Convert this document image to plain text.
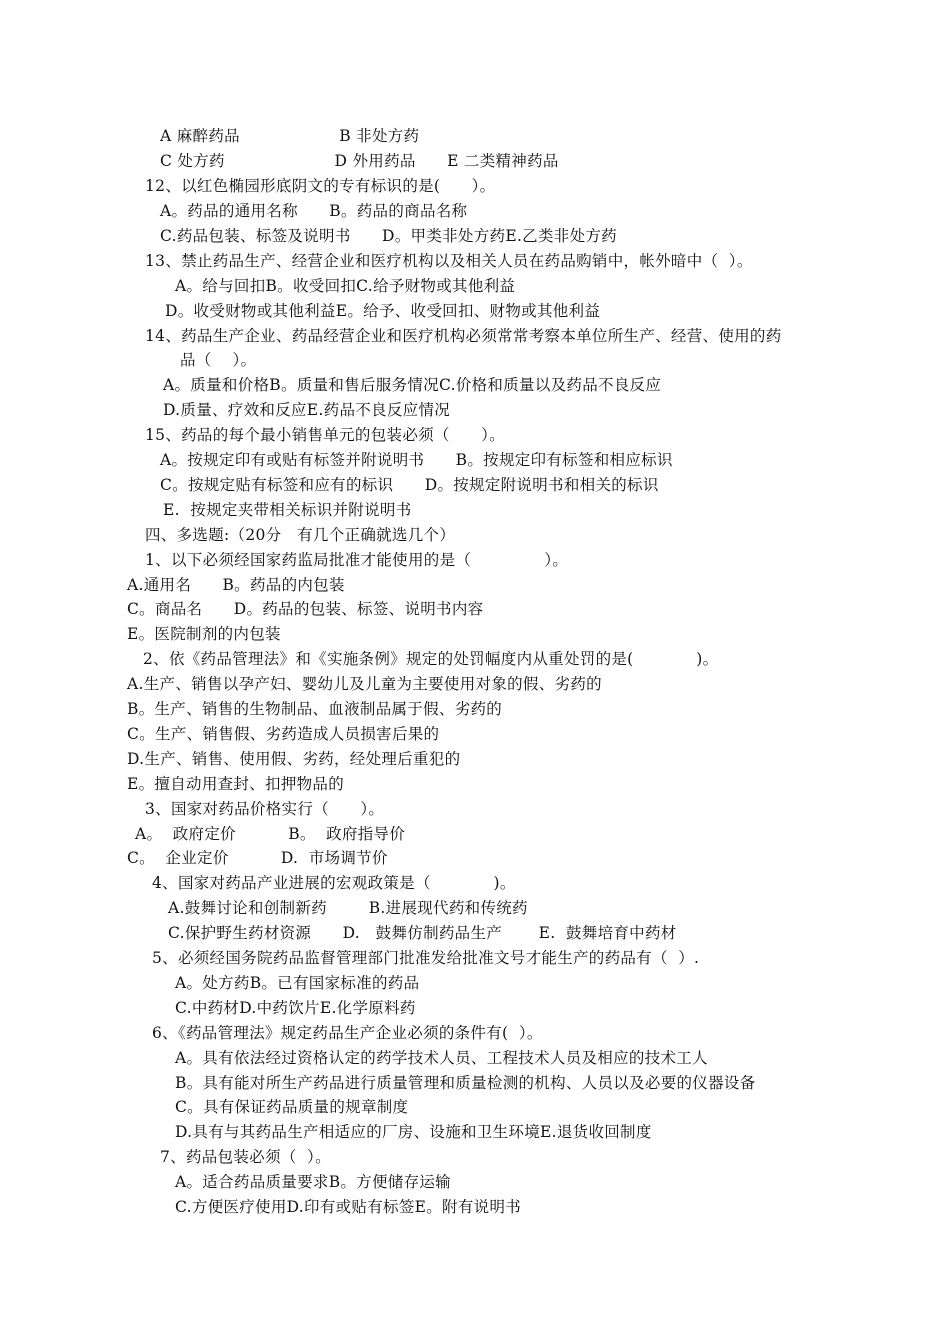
A 麻醉药品                   B 非处方药
C 处方药                     D 外用药品      E 二类精神药品
12、以红色椭园形底阴文的专有标识的是(      ）。
A。药品的通用名称      B。药品的商品名称
C.药品包装、标签及说明书      D。甲类非处方药E.乙类非处方药
13、禁止药品生产、经营企业和医疗机构以及相关人员在药品购销中，帐外暗中（  ）。
A。给与回扣B。收受回扣C.给予财物或其他利益
D。收受财物或其他利益E。给予、收受回扣、财物或其他利益
14、药品生产企业、药品经营企业和医疗机构必须常常考察本单位所生产、经营、使用的药
品（    ）。
A。质量和价格B。质量和售后服务情况C.价格和质量以及药品不良反应
D.质量、疗效和反应E.药品不良反应情况
15、药品的每个最小销售单元的包装必须（      ）。
A。按规定印有或贴有标签并附说明书      B。按规定印有标签和相应标识
C。按规定贴有标签和应有的标识      D。按规定附说明书和相关的标识
E.  按规定夹带相关标识并附说明书
四、多选题:（20分   有几个正确就选几个）
1、以下必须经国家药监局批准才能使用的是（              ）。
A.通用名      B。药品的内包装
C。商品名      D。药品的包装、标签、说明书内容
E。医院制剂的内包装
2、依《药品管理法》和《实施条例》规定的处罚幅度内从重处罚的是(            )。
A.生产、销售以孕产妇、婴幼儿及儿童为主要使用对象的假、劣药的
B。生产、销售的生物制品、血液制品属于假、劣药的
C。生产、销售假、劣药造成人员损害后果的
D.生产、销售、使用假、劣药，经处理后重犯的
E。擅自动用查封、扣押物品的
3、国家对药品价格实行（      ）。
A。  政府定价          B。  政府指导价
C。  企业定价          D.  市场调节价
4、国家对药品产业进展的宏观政策是（            )。
A.鼓舞讨论和创制新药        B.进展现代药和传统药
C.保护野生药材资源      D.   鼓舞仿制药品生产       E.  鼓舞培育中药材
5、必须经国务院药品监督管理部门批准发给批准文号才能生产的药品有（  ）.
A。处方药B。已有国家标准的药品
C.中药材D.中药饮片E.化学原料药
6、《药品管理法》规定药品生产企业必须的条件有(  ）。
A。具有依法经过资格认定的药学技术人员、工程技术人员及相应的技术工人
B。具有能对所生产药品进行质量管理和质量检测的机构、人员以及必要的仪器设备
C。具有保证药品质量的规章制度
D.具有与其药品生产相适应的厂房、设施和卫生环境E.退货收回制度
7、药品包装必须（  ）。
A。适合药品质量要求B。方便储存运输
C.方便医疗使用D.印有或贴有标签E。附有说明书
